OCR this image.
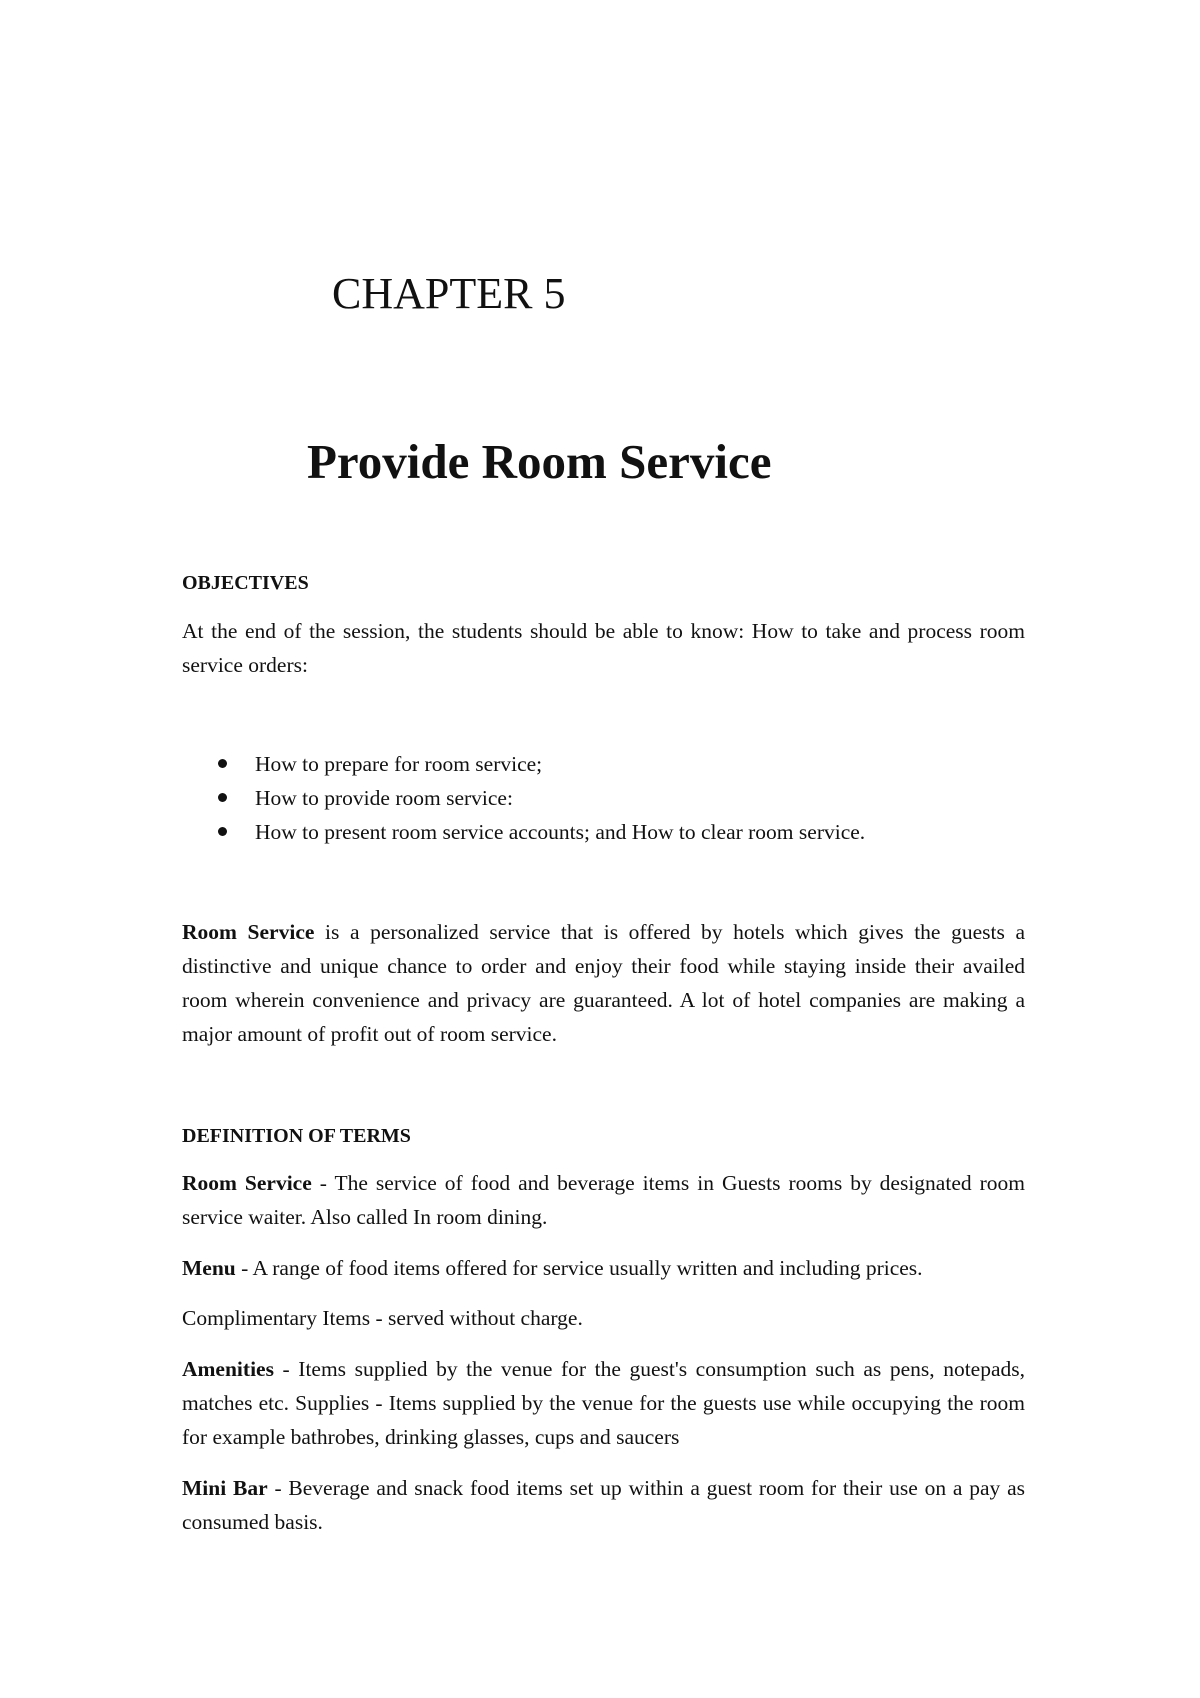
CHAPTER 5
Provide Room Service
OBJECTIVES

At the end of the session, the students should be able to know: How to take and process room service orders:

How to prepare for room service;
How to provide room service:
How to present room service accounts; and How to clear room service.

Room Service is a personalized service that is offered by hotels which gives the guests a distinctive and unique chance to order and enjoy their food while staying inside their availed room wherein convenience and privacy are guaranteed. A lot of hotel companies are making a major amount of profit out of room service.

DEFINITION OF TERMS

Room Service - The service of food and beverage items in Guests rooms by designated room service waiter. Also called In room dining.

Menu - A range of food items offered for service usually written and including prices.

Complimentary Items - served without charge.

Amenities - Items supplied by the venue for the guest's consumption such as pens, notepads, matches etc. Supplies - Items supplied by the venue for the guests use while occupying the room for example bathrobes, drinking glasses, cups and saucers

Mini Bar - Beverage and snack food items set up within a guest room for their use on a pay as consumed basis.
